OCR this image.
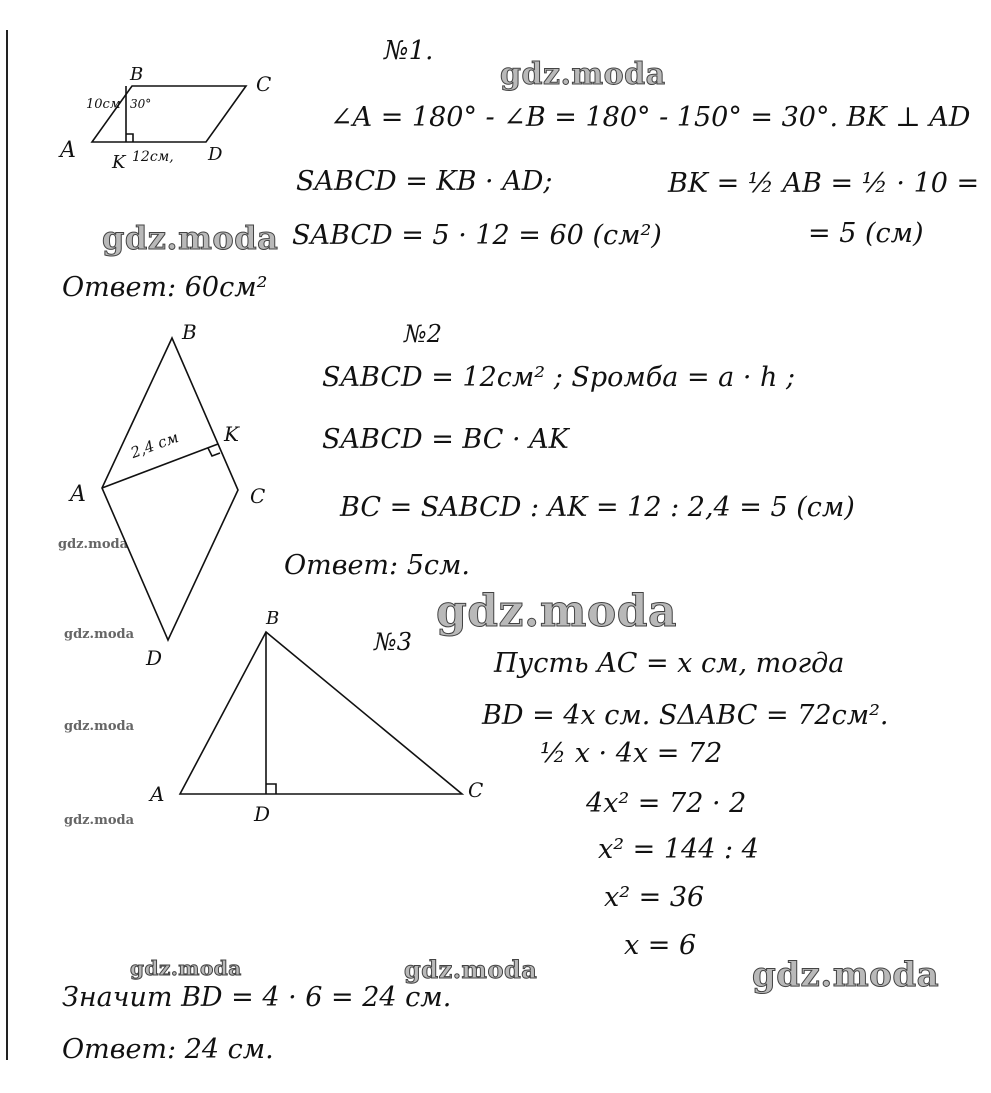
gdz.moda
gdz.moda
gdz.moda
gdz.moda	gdz.moda	gdz.moda
gdz.moda
gdz.moda
gdz.moda
gdz.moda
№1.
B	C
A K	D
10см 30°
12см,
∠A = 180° - ∠B = 180° - 150° = 30°. BK ⊥ AD
SABCD = KB · AD;	BK = ½ AB = ½ · 10 =
SABCD = 5 · 12 = 60 (см²)	= 5 (см)
Ответ: 60см²
№2
B
A	C
K
D
2,4 см
SABCD = 12см² ; Sромба = a · h ;
SABCD = BC · AK
BC = SABCD : AK = 12 : 2,4 = 5 (см)
Ответ: 5см.
№3
B
A	C
D
Пусть AC = x см, тогда
BD = 4x см. SΔABC = 72см².
½ x · 4x = 72
4x² = 72 · 2
x² = 144 : 4
x² = 36
x = 6
Значит BD = 4 · 6 = 24 см.
Ответ: 24 см.
